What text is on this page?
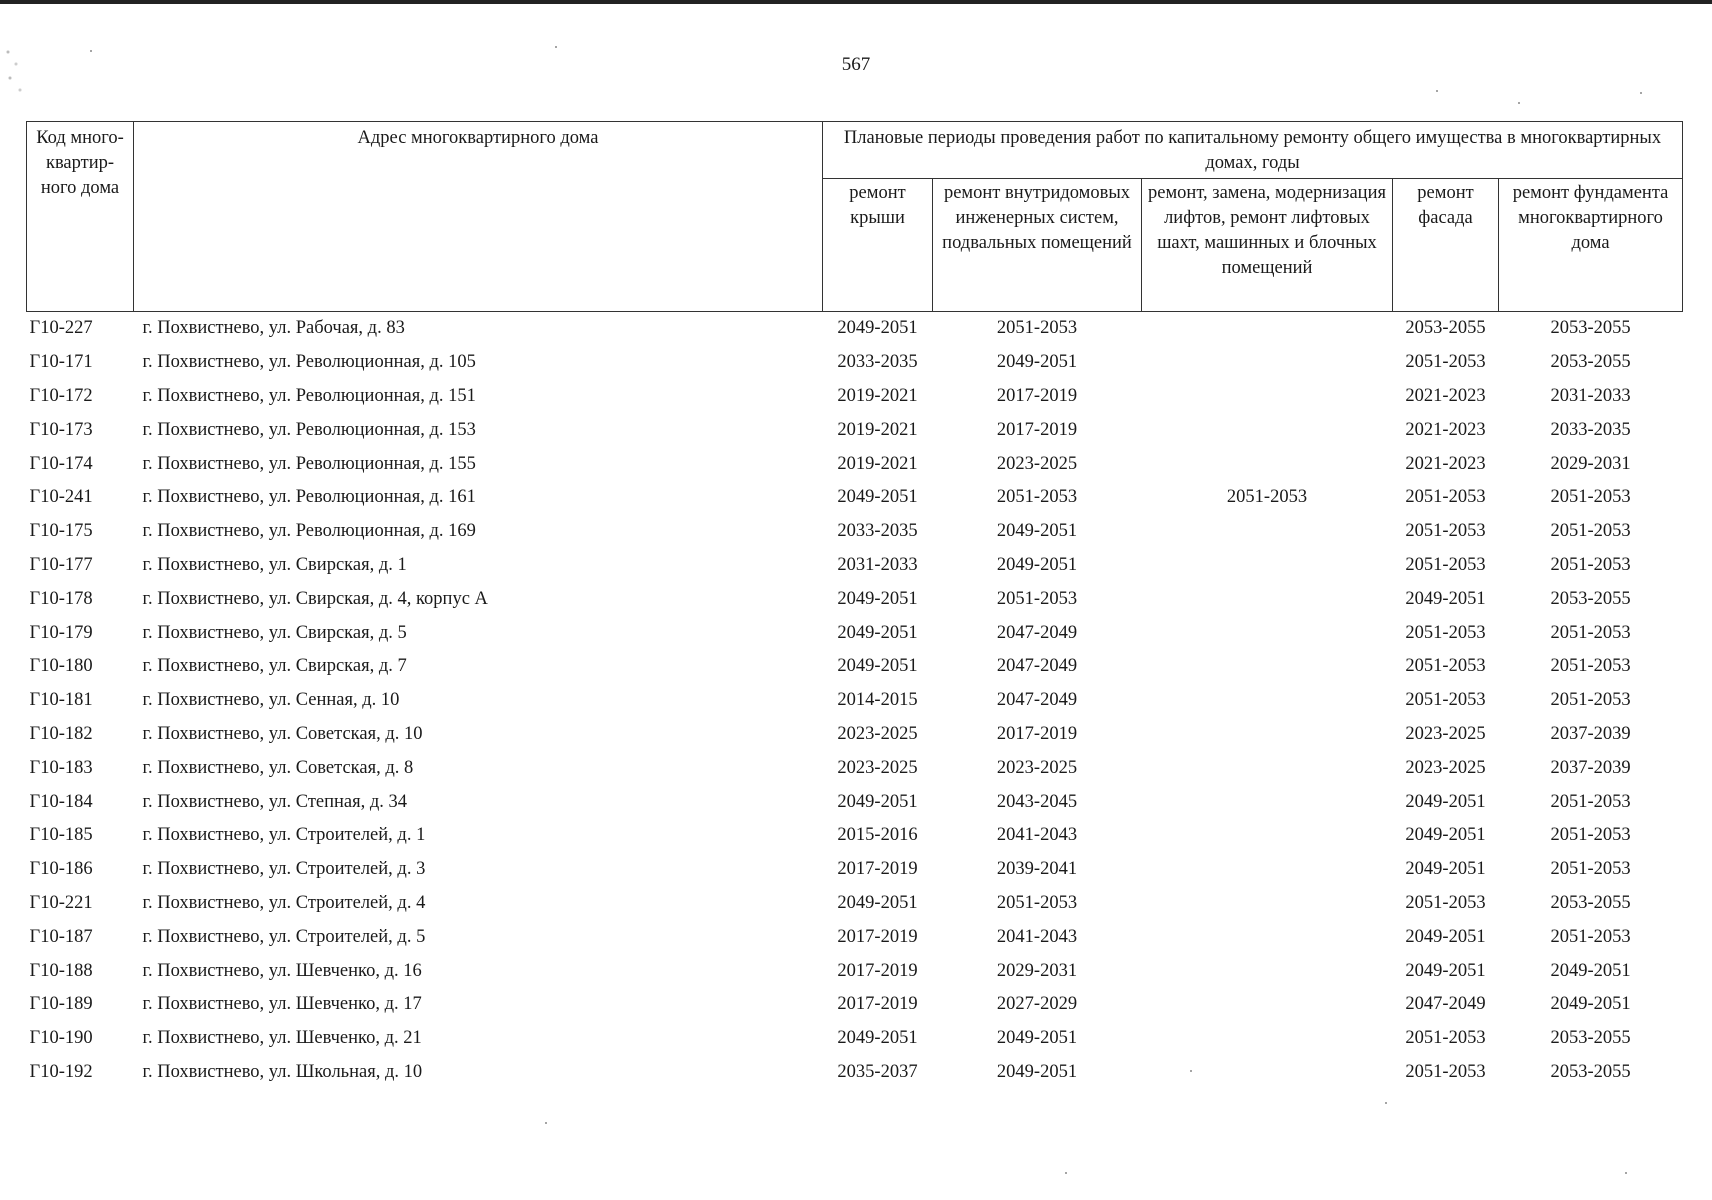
567
Код много-квартир-ного дома	Адрес многоквартирного дома	Плановые периоды проведения работ по капитальному ремонту общего имущества в многоквартирных домах, годы				
		ремонт крыши	ремонт внутридомовых инженерных систем, подвальных помещений	ремонт, замена, модернизация лифтов, ремонт лифтовых шахт, машинных и блочных помещений	ремонт фасада	ремонт фундамента многоквартирного дома
Г10-227	г. Похвистнево, ул. Рабочая, д. 83	2049-2051	2051-2053		2053-2055	2053-2055
Г10-171	г. Похвистнево, ул. Революционная, д. 105	2033-2035	2049-2051		2051-2053	2053-2055
Г10-172	г. Похвистнево, ул. Революционная, д. 151	2019-2021	2017-2019		2021-2023	2031-2033
Г10-173	г. Похвистнево, ул. Революционная, д. 153	2019-2021	2017-2019		2021-2023	2033-2035
Г10-174	г. Похвистнево, ул. Революционная, д. 155	2019-2021	2023-2025		2021-2023	2029-2031
Г10-241	г. Похвистнево, ул. Революционная, д. 161	2049-2051	2051-2053	2051-2053	2051-2053	2051-2053
Г10-175	г. Похвистнево, ул. Революционная, д. 169	2033-2035	2049-2051		2051-2053	2051-2053
Г10-177	г. Похвистнево, ул. Свирская, д. 1	2031-2033	2049-2051		2051-2053	2051-2053
Г10-178	г. Похвистнево, ул. Свирская, д. 4, корпус А	2049-2051	2051-2053		2049-2051	2053-2055
Г10-179	г. Похвистнево, ул. Свирская, д. 5	2049-2051	2047-2049		2051-2053	2051-2053
Г10-180	г. Похвистнево, ул. Свирская, д. 7	2049-2051	2047-2049		2051-2053	2051-2053
Г10-181	г. Похвистнево, ул. Сенная, д. 10	2014-2015	2047-2049		2051-2053	2051-2053
Г10-182	г. Похвистнево, ул. Советская, д. 10	2023-2025	2017-2019		2023-2025	2037-2039
Г10-183	г. Похвистнево, ул. Советская, д. 8	2023-2025	2023-2025		2023-2025	2037-2039
Г10-184	г. Похвистнево, ул. Степная, д. 34	2049-2051	2043-2045		2049-2051	2051-2053
Г10-185	г. Похвистнево, ул. Строителей, д. 1	2015-2016	2041-2043		2049-2051	2051-2053
Г10-186	г. Похвистнево, ул. Строителей, д. 3	2017-2019	2039-2041		2049-2051	2051-2053
Г10-221	г. Похвистнево, ул. Строителей, д. 4	2049-2051	2051-2053		2051-2053	2053-2055
Г10-187	г. Похвистнево, ул. Строителей, д. 5	2017-2019	2041-2043		2049-2051	2051-2053
Г10-188	г. Похвистнево, ул. Шевченко, д. 16	2017-2019	2029-2031		2049-2051	2049-2051
Г10-189	г. Похвистнево, ул. Шевченко, д. 17	2017-2019	2027-2029		2047-2049	2049-2051
Г10-190	г. Похвистнево, ул. Шевченко, д. 21	2049-2051	2049-2051		2051-2053	2053-2055
Г10-192	г. Похвистнево, ул. Школьная, д. 10	2035-2037	2049-2051		2051-2053	2053-2055
